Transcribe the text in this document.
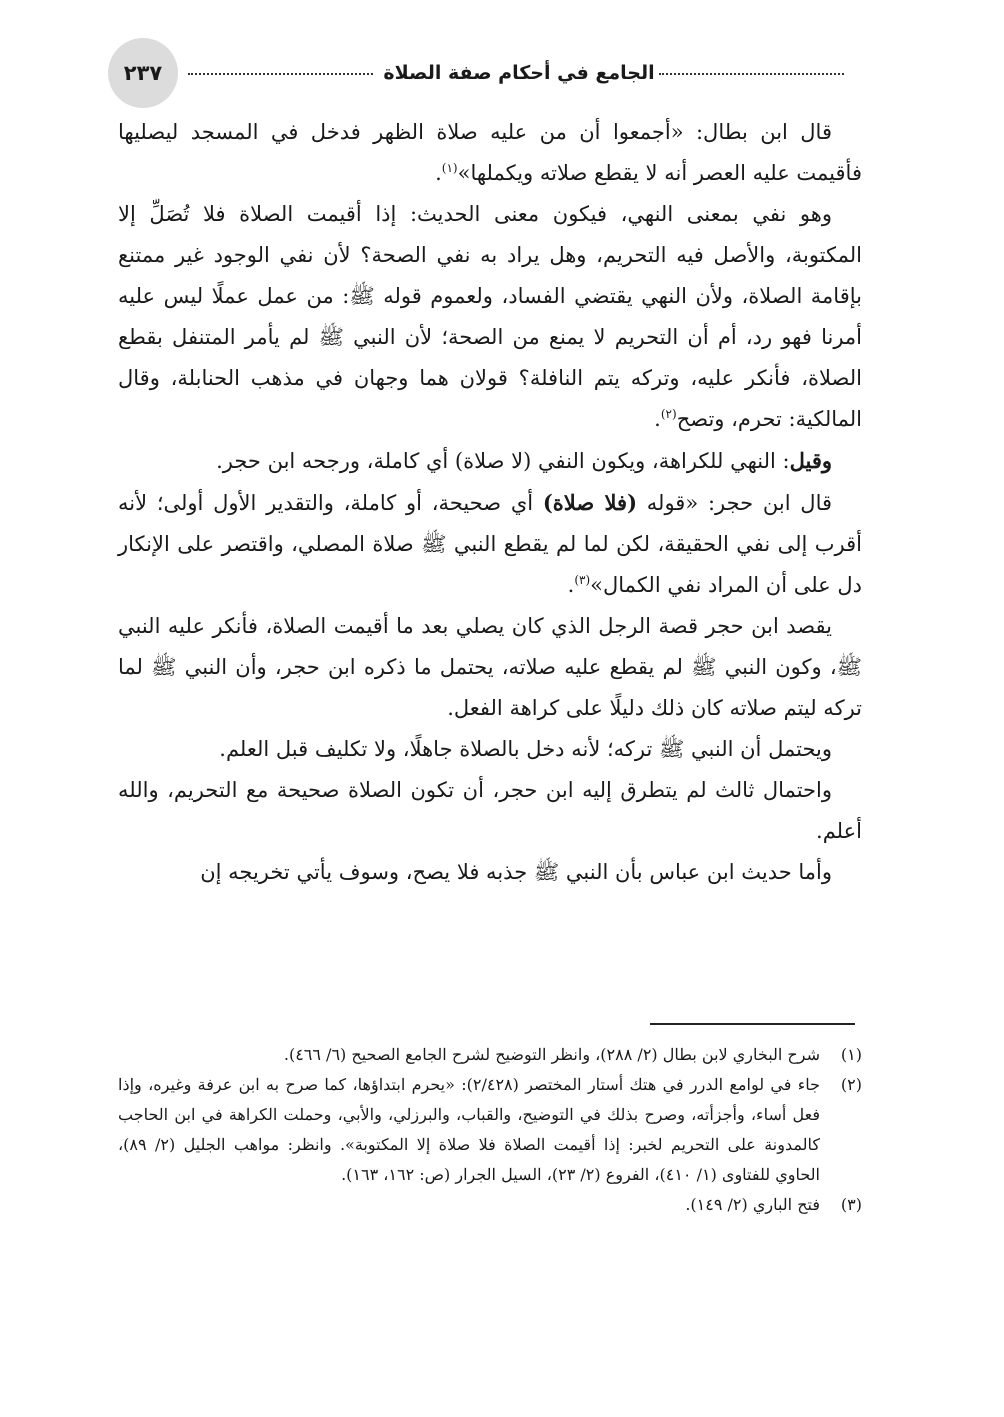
الجامع في أحكام صفة الصلاة
٢٣٧

قال ابن بطال: «أجمعوا أن من عليه صلاة الظهر فدخل في المسجد ليصليها فأقيمت عليه العصر أنه لا يقطع صلاته ويكملها»$^{(١)}$.

وهو نفي بمعنى النهي، فيكون معنى الحديث: إذا أقيمت الصلاة فلا تُصَلِّ إلا المكتوبة، والأصل فيه التحريم، وهل يراد به نفي الصحة؟ لأن نفي الوجود غير ممتنع بإقامة الصلاة، ولأن النهي يقتضي الفساد، ولعموم قوله ﷺ: من عمل عملًا ليس عليه أمرنا فهو رد، أم أن التحريم لا يمنع من الصحة؛ لأن النبي ﷺ لم يأمر المتنفل بقطع الصلاة، فأنكر عليه، وتركه يتم النافلة؟ قولان هما وجهان في مذهب الحنابلة، وقال المالكية: تحرم، وتصح$^{(٢)}$.

وقيل: النهي للكراهة، ويكون النفي (لا صلاة) أي كاملة، ورجحه ابن حجر.

قال ابن حجر: «قوله (فلا صلاة) أي صحيحة، أو كاملة، والتقدير الأول أولى؛ لأنه أقرب إلى نفي الحقيقة، لكن لما لم يقطع النبي ﷺ صلاة المصلي، واقتصر على الإنكار دل على أن المراد نفي الكمال»$^{(٣)}$.

يقصد ابن حجر قصة الرجل الذي كان يصلي بعد ما أقيمت الصلاة، فأنكر عليه النبي ﷺ، وكون النبي ﷺ لم يقطع عليه صلاته، يحتمل ما ذكره ابن حجر، وأن النبي ﷺ لما تركه ليتم صلاته كان ذلك دليلًا على كراهة الفعل.

ويحتمل أن النبي ﷺ تركه؛ لأنه دخل بالصلاة جاهلًا، ولا تكليف قبل العلم.

واحتمال ثالث لم يتطرق إليه ابن حجر، أن تكون الصلاة صحيحة مع التحريم، والله أعلم.

وأما حديث ابن عباس بأن النبي ﷺ جذبه فلا يصح، وسوف يأتي تخريجه إن

(١)
شرح البخاري لابن بطال (٢/ ٢٨٨)، وانظر التوضيح لشرح الجامع الصحيح (٦/ ٤٦٦).
(٢)
جاء في لوامع الدرر في هتك أستار المختصر (٢/٤٢٨): «يحرم ابتداؤها، كما صرح به ابن عرفة وغيره، وإذا فعل أساء، وأجزأته، وصرح بذلك في التوضيح، والقباب، والبرزلي، والأبي، وحملت الكراهة في ابن الحاجب كالمدونة على التحريم لخبر: إذا أقيمت الصلاة فلا صلاة إلا المكتوبة». وانظر: مواهب الجليل (٢/ ٨٩)، الحاوي للفتاوى (١/ ٤١٠)، الفروع (٢/ ٢٣)، السيل الجرار (ص: ١٦٢، ١٦٣).
(٣)
فتح الباري (٢/ ١٤٩).
